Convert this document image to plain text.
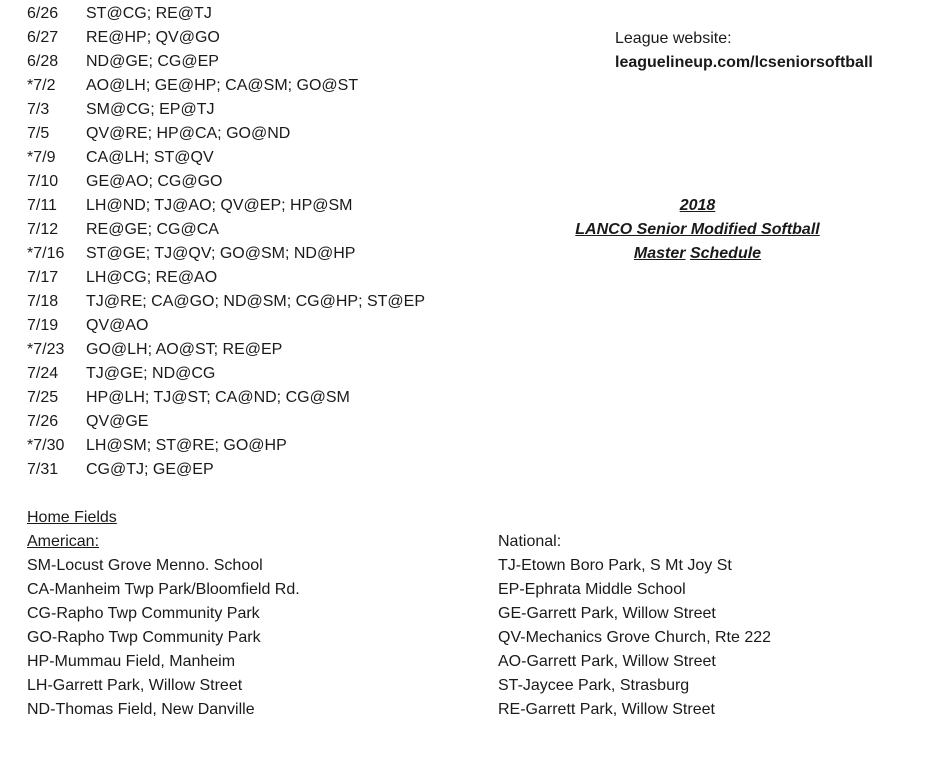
6/26 ST@CG; RE@TJ
6/27 RE@HP; QV@GO
6/28 ND@GE; CG@EP
*7/2 AO@LH; GE@HP; CA@SM; GO@ST
7/3 SM@CG; EP@TJ
7/5 QV@RE; HP@CA; GO@ND
*7/9 CA@LH; ST@QV
7/10 GE@AO; CG@GO
7/11 LH@ND; TJ@AO; QV@EP; HP@SM
7/12 RE@GE; CG@CA
*7/16 ST@GE; TJ@QV; GO@SM; ND@HP
7/17 LH@CG; RE@AO
7/18 TJ@RE; CA@GO; ND@SM; CG@HP; ST@EP
7/19 QV@AO
*7/23 GO@LH; AO@ST; RE@EP
7/24 TJ@GE; ND@CG
7/25 HP@LH; TJ@ST; CA@ND; CG@SM
7/26 QV@GE
*7/30 LH@SM; ST@RE; GO@HP
7/31 CG@TJ; GE@EP
League website:
leaguelineup.com/lcseniorsoftball
2018
LANCO Senior Modified Softball
Master Schedule
Home Fields
American:
SM-Locust Grove Menno. School
CA-Manheim Twp Park/Bloomfield Rd.
CG-Rapho Twp Community Park
GO-Rapho Twp Community Park
HP-Mummau Field, Manheim
LH-Garrett Park, Willow Street
ND-Thomas Field, New Danville
National:
TJ-Etown Boro Park, S Mt Joy St
EP-Ephrata Middle School
GE-Garrett Park, Willow Street
QV-Mechanics Grove Church, Rte 222
AO-Garrett Park, Willow Street
ST-Jaycee Park, Strasburg
RE-Garrett Park, Willow Street
